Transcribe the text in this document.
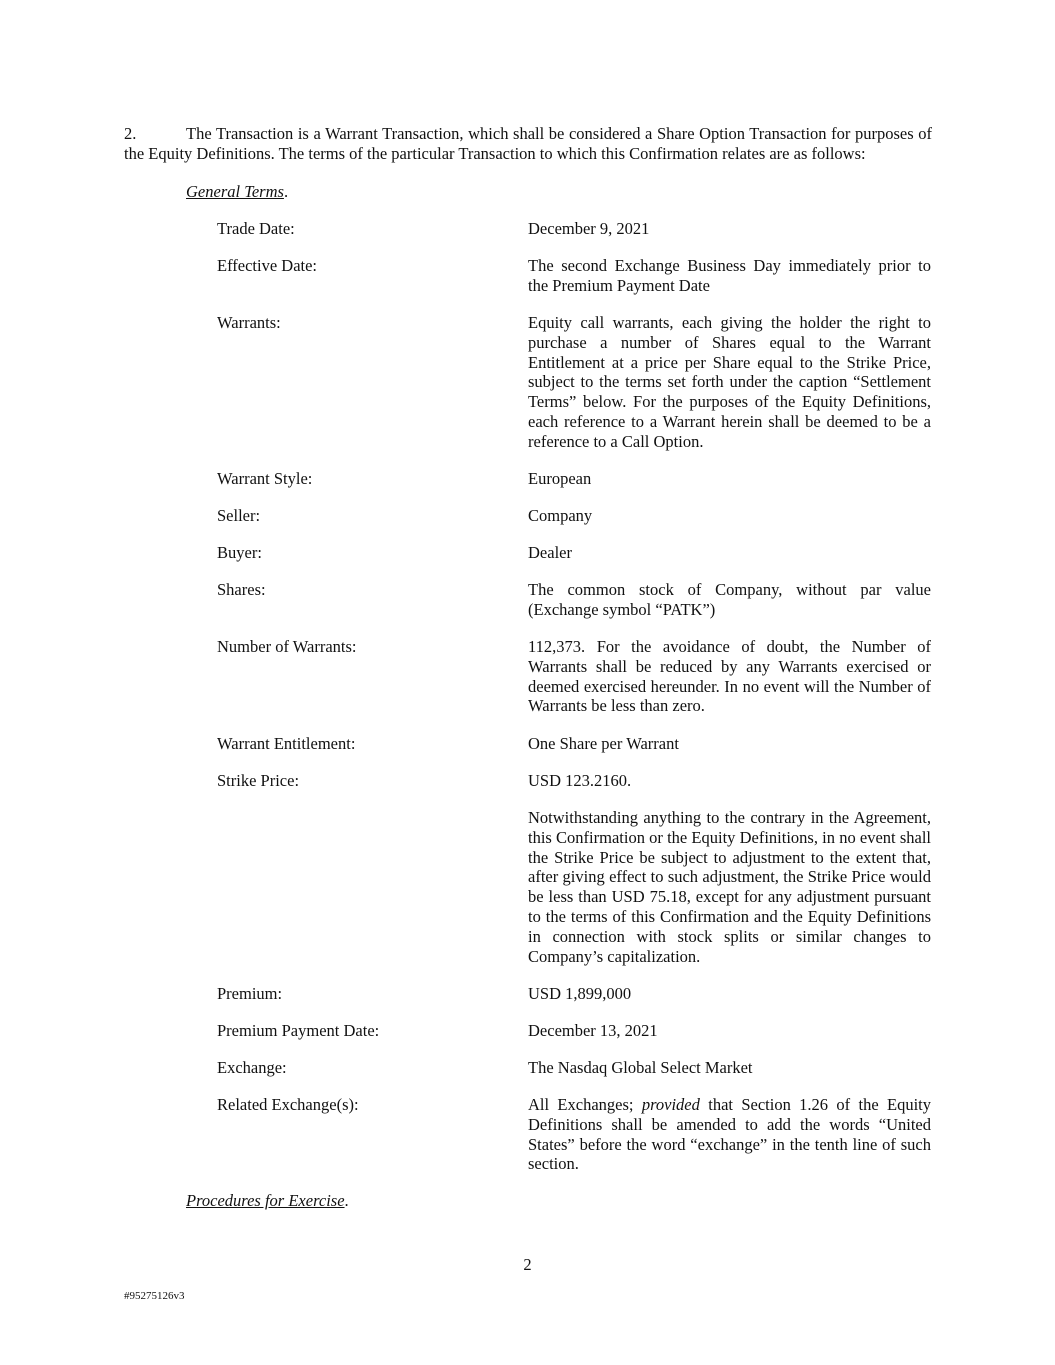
2.	The Transaction is a Warrant Transaction, which shall be considered a Share Option Transaction for purposes of the Equity Definitions. The terms of the particular Transaction to which this Confirmation relates are as follows:
General Terms.
Trade Date:	December 9, 2021
Effective Date:	The second Exchange Business Day immediately prior to the Premium Payment Date
Warrants:	Equity call warrants, each giving the holder the right to purchase a number of Shares equal to the Warrant Entitlement at a price per Share equal to the Strike Price, subject to the terms set forth under the caption “Settlement Terms” below. For the purposes of the Equity Definitions, each reference to a Warrant herein shall be deemed to be a reference to a Call Option.
Warrant Style:	European
Seller:	Company
Buyer:	Dealer
Shares:	The common stock of Company, without par value (Exchange symbol “PATK”)
Number of Warrants:	112,373. For the avoidance of doubt, the Number of Warrants shall be reduced by any Warrants exercised or deemed exercised hereunder. In no event will the Number of Warrants be less than zero.
Warrant Entitlement:	One Share per Warrant
Strike Price:	USD 123.2160.
Notwithstanding anything to the contrary in the Agreement, this Confirmation or the Equity Definitions, in no event shall the Strike Price be subject to adjustment to the extent that, after giving effect to such adjustment, the Strike Price would be less than USD 75.18, except for any adjustment pursuant to the terms of this Confirmation and the Equity Definitions in connection with stock splits or similar changes to Company’s capitalization.
Premium:	USD 1,899,000
Premium Payment Date:	December 13, 2021
Exchange:	The Nasdaq Global Select Market
Related Exchange(s):	All Exchanges; provided that Section 1.26 of the Equity Definitions shall be amended to add the words “United States” before the word “exchange” in the tenth line of such section.
Procedures for Exercise.
2
#95275126v3
